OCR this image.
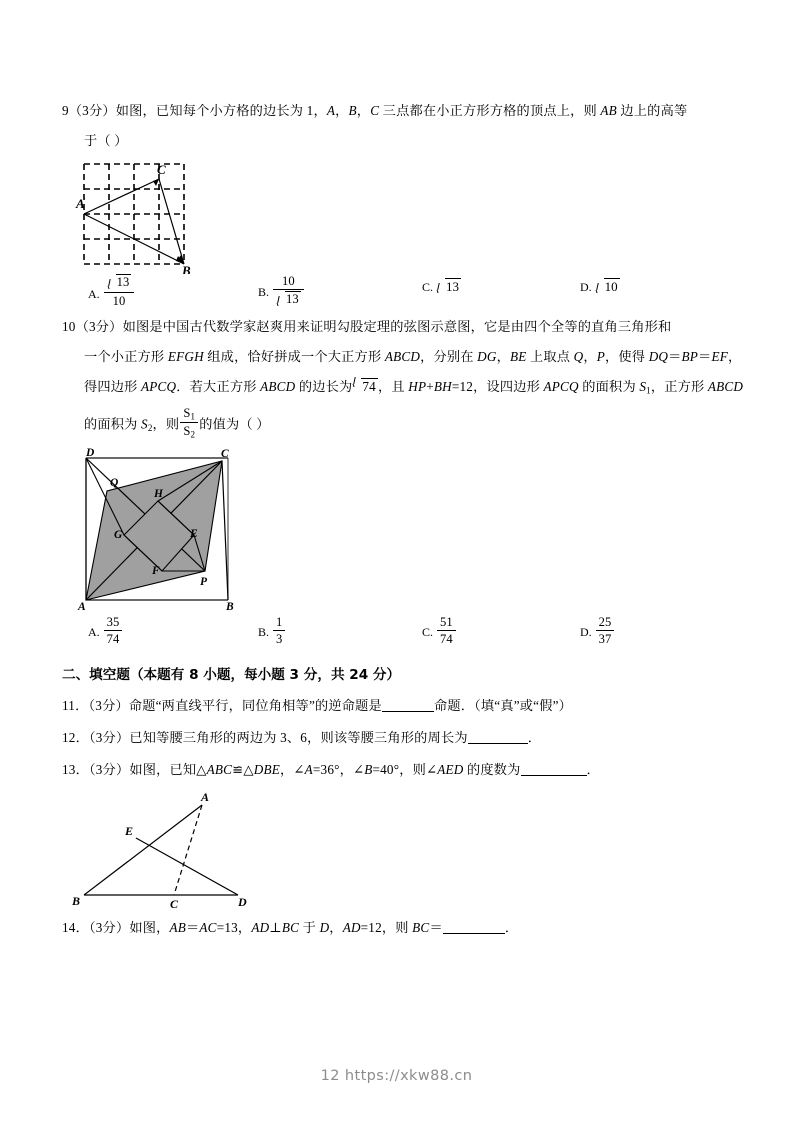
9（3分）如图，已知每个小方格的边长为 1，A，B，C 三点都在小正方形方格的顶点上，则 AB 边上的高等
于（ ）
A
B
C
A. $\frac{13}{10}$	B. $\frac{10}{13}$	C. 13	D. 10
10（3分）如图是中国古代数学家赵爽用来证明勾股定理的弦图示意图，它是由四个全等的直角三角形和
一个小正方形 EFGH 组成，恰好拼成一个大正方形 ABCD，分别在 DG，BE 上取点 Q，P，使得 DQ＝BP＝EF，
得四边形 APCQ．若大正方形 ABCD 的边长为 74 ，且 HP+BH=12，设四边形 APCQ 的面积为 $S_1$，正方形 ABCD
的面积为 $S_2$，则 $\frac{S_1}{S_2}$ 的值为（ ）
D	C
A	B
Q
H
G	E
F
P
A. $\frac{35}{74}$	B. $\frac{1}{3}$	C. $\frac{51}{74}$	D. $\frac{25}{37}$
二、填空题（本题有 8 小题，每小题 3 分，共 24 分）
11．（3分）命题“两直线平行，同位角相等”的逆命题是	命题．（填“真”或“假”）
12．（3分）已知等腰三角形的两边为 3、6，则该等腰三角形的周长为	．
13．（3分）如图，已知△ABC≌△DBE，∠A=36°，∠B=40°，则∠AED 的度数为	．
A
B	C	D
E
14．（3分）如图，AB＝AC=13，AD⊥BC 于 D，AD=12，则 BC＝	．
12 https://xkw88.cn
